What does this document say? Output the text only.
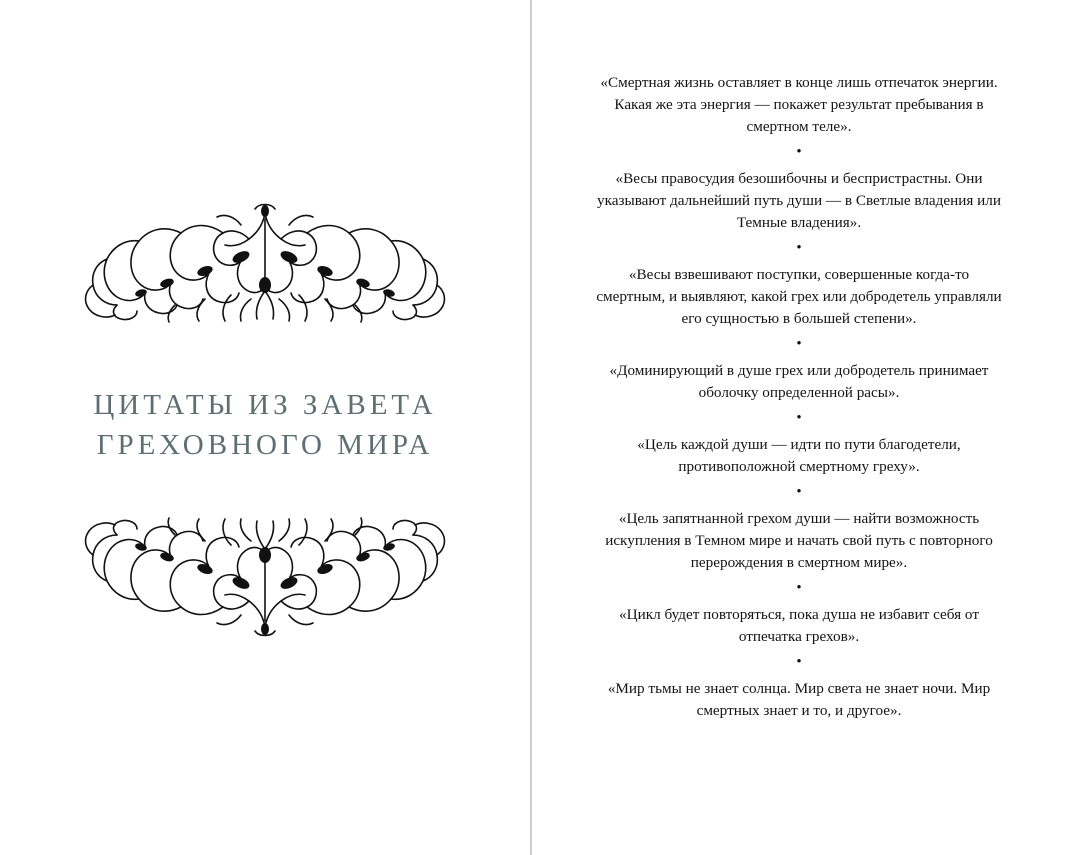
ЦИТАТЫ ИЗ ЗАВЕТА
ГРЕХОВНОГО МИРА
«Смертная жизнь оставляет в конце лишь отпечаток энергии. Какая же эта энергия — покажет результат пребывания в смертном теле».
•
«Весы правосудия безошибочны и беспристрастны. Они указывают дальнейший путь души — в Светлые владения или Темные владения».
•
«Весы взвешивают поступки, совершенные когда-то смертным, и выявляют, какой грех или добродетель управляли его сущностью в большей степени».
•
«Доминирующий в душе грех или добродетель принимает оболочку определенной расы».
•
«Цель каждой души — идти по пути благодетели, противоположной смертному греху».
•
«Цель запятнанной грехом души — найти возможность искупления в Темном мире и начать свой путь с повторного перерождения в смертном мире».
•
«Цикл будет повторяться, пока душа не избавит себя от отпечатка грехов».
•
«Мир тьмы не знает солнца. Мир света не знает ночи. Мир смертных знает и то, и другое».
